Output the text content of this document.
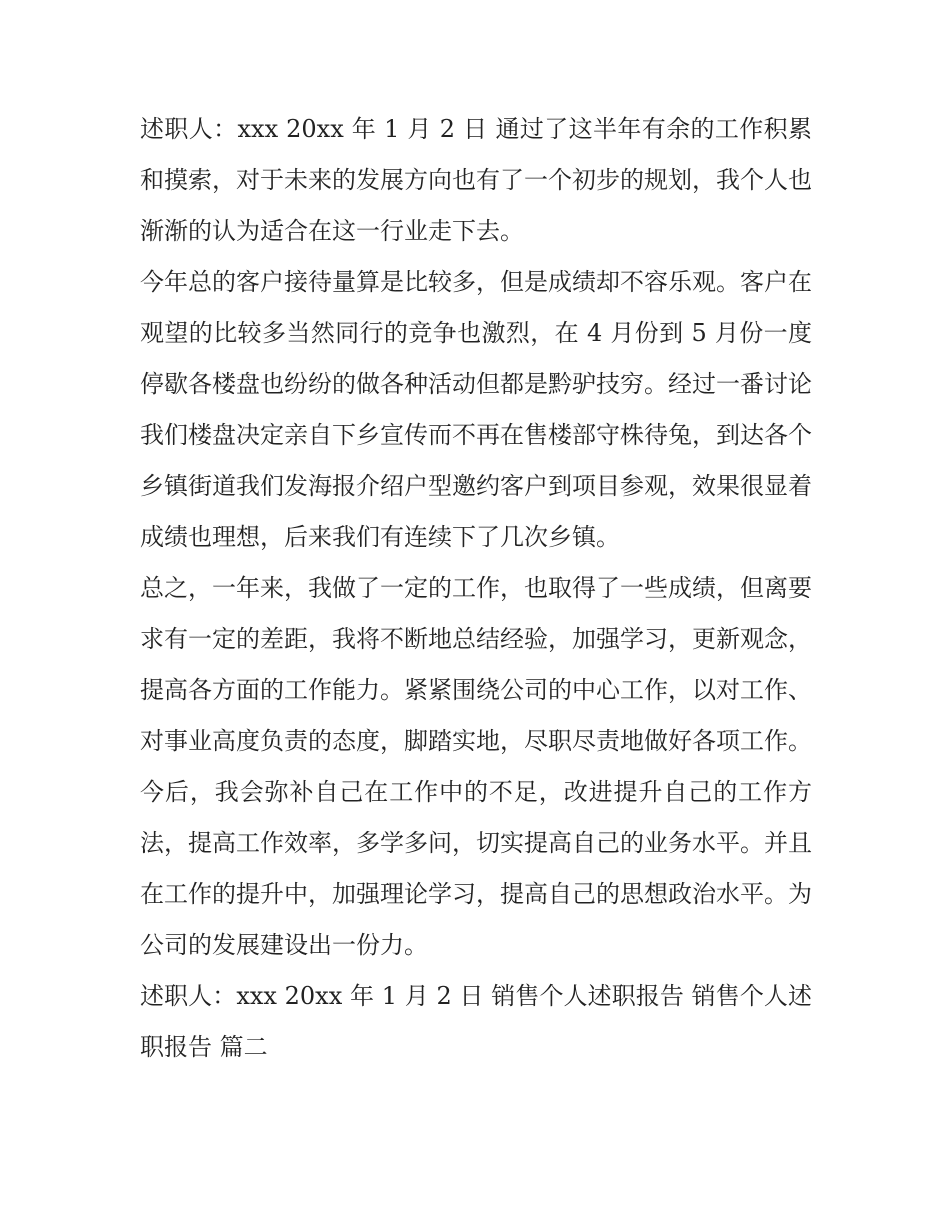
述职人：xxx 20xx 年 1 月 2 日 通过了这半年有余的工作积累和摸索，对于未来的发展方向也有了一个初步的规划，我个人也渐渐的认为适合在这一行业走下去。

今年总的客户接待量算是比较多，但是成绩却不容乐观。客户在观望的比较多当然同行的竞争也激烈，在 4 月份到 5 月份一度停歇各楼盘也纷纷的做各种活动但都是黔驴技穷。经过一番讨论我们楼盘决定亲自下乡宣传而不再在售楼部守株待兔，到达各个乡镇街道我们发海报介绍户型邀约客户到项目参观，效果很显着成绩也理想，后来我们有连续下了几次乡镇。

总之，一年来，我做了一定的工作，也取得了一些成绩，但离要求有一定的差距，我将不断地总结经验，加强学习，更新观念，提高各方面的工作能力。紧紧围绕公司的中心工作，以对工作、对事业高度负责的态度，脚踏实地，尽职尽责地做好各项工作。

今后，我会弥补自己在工作中的不足，改进提升自己的工作方法，提高工作效率，多学多问，切实提高自己的业务水平。并且在工作的提升中，加强理论学习，提高自己的思想政治水平。为公司的发展建设出一份力。

述职人：xxx 20xx 年 1 月 2 日 销售个人述职报告 销售个人述职报告 篇二
